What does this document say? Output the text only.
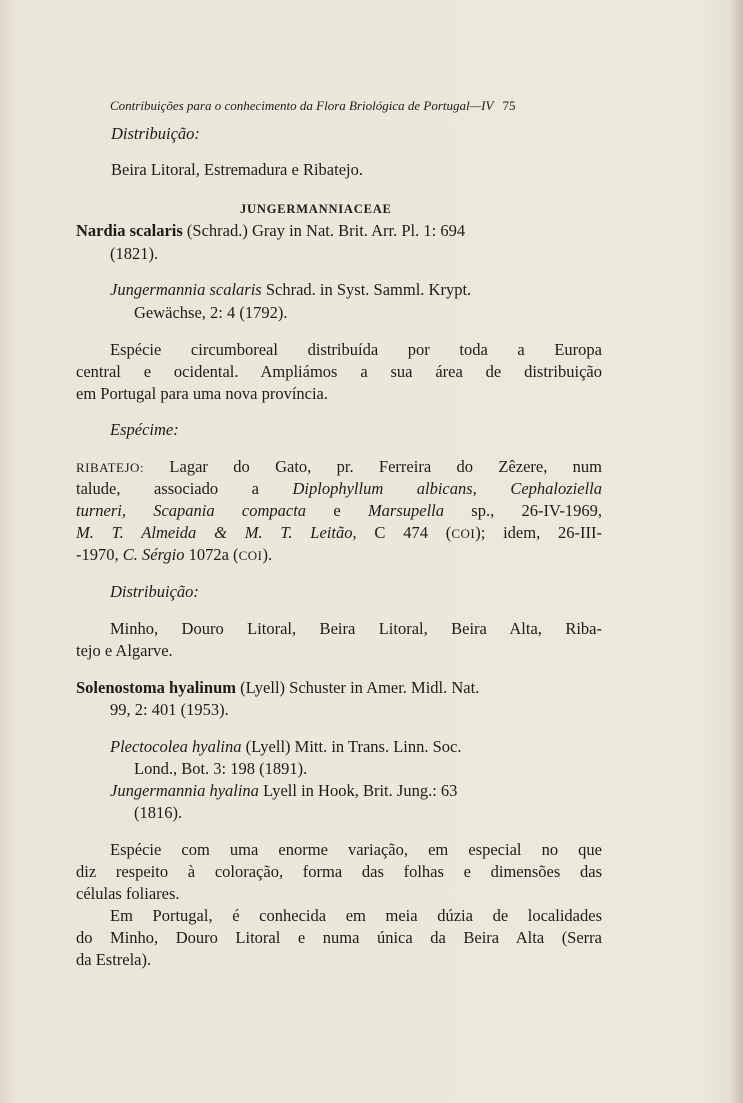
Contribuições para o conhecimento da Flora Briológica de Portugal—IV 75
Distribuição:
Beira Litoral, Estremadura e Ribatejo.
JUNGERMANNIACEAE
Nardia scalaris (Schrad.) Gray in Nat. Brit. Arr. Pl. 1: 694
(1821).
Jungermannia scalaris Schrad. in Syst. Samml. Krypt.
Gewächse, 2: 4 (1792).
Espécie circumboreal distribuída por toda a Europa
central e ocidental. Ampliámos a sua área de distribuição
em Portugal para uma nova província.
Espécime:
RIBATEJO: Lagar do Gato, pr. Ferreira do Zêzere, num
talude, associado a Diplophyllum albicans, Cephaloziella
turneri, Scapania compacta e Marsupella sp., 26-IV-1969,
M. T. Almeida & M. T. Leitão, C 474 (COI); idem, 26-III-
-1970, C. Sérgio 1072a (COI).
Distribuição:
Minho, Douro Litoral, Beira Litoral, Beira Alta, Riba-
tejo e Algarve.
Solenostoma hyalinum (Lyell) Schuster in Amer. Midl. Nat.
99, 2: 401 (1953).
Plectocolea hyalina (Lyell) Mitt. in Trans. Linn. Soc.
Lond., Bot. 3: 198 (1891).
Jungermannia hyalina Lyell in Hook, Brit. Jung.: 63
(1816).
Espécie com uma enorme variação, em especial no que
diz respeito à coloração, forma das folhas e dimensões das
células foliares.
Em Portugal, é conhecida em meia dúzia de localidades
do Minho, Douro Litoral e numa única da Beira Alta (Serra
da Estrela).
